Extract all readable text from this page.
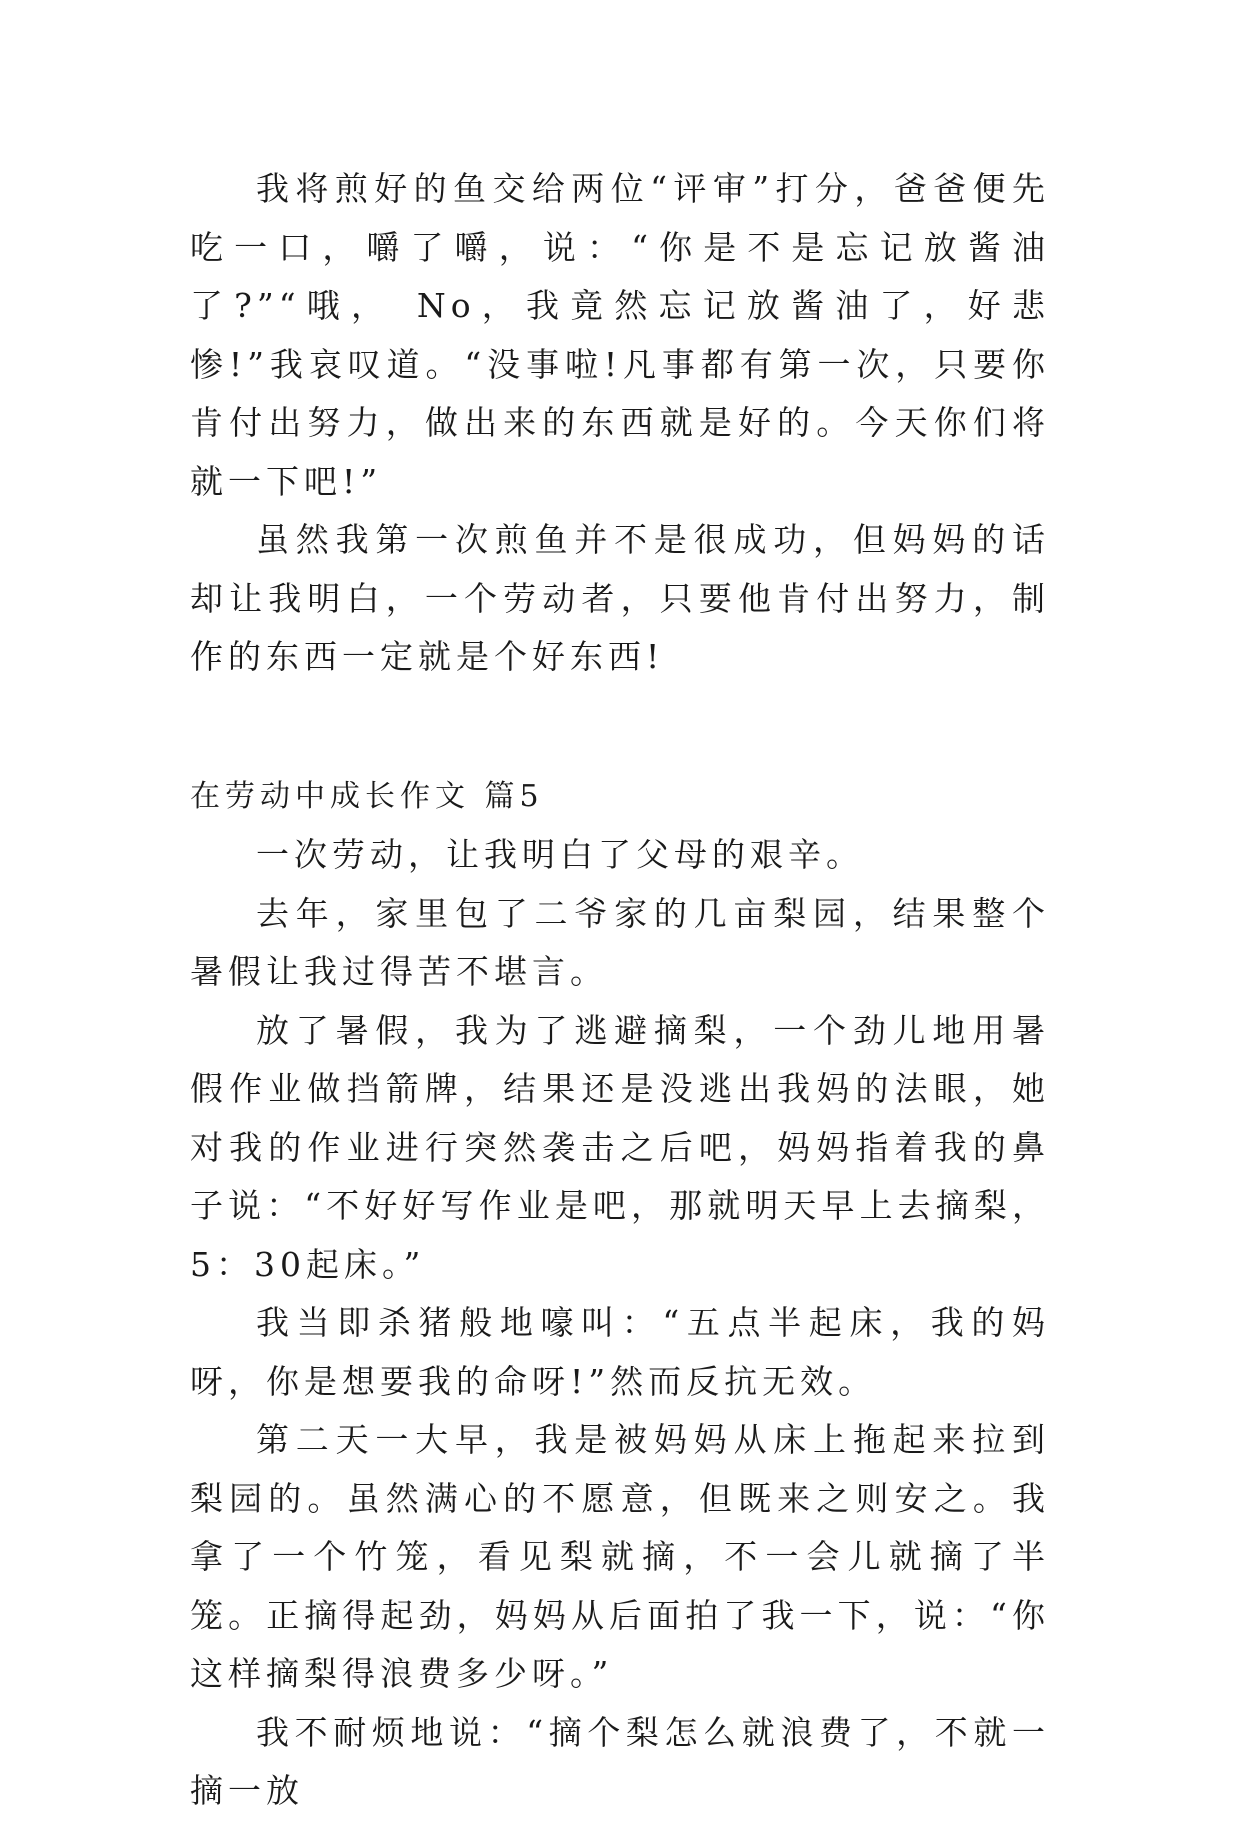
我将煎好的鱼交给两位“评审”打分，爸爸便先吃一口，嚼了嚼，说：“你是不是忘记放酱油了?”“哦， No，我竟然忘记放酱油了，好悲惨!”我哀叹道。“没事啦!凡事都有第一次，只要你肯付出努力，做出来的东西就是好的。今天你们将就一下吧!”

虽然我第一次煎鱼并不是很成功，但妈妈的话却让我明白，一个劳动者，只要他肯付出努力，制作的东西一定就是个好东西!

在劳动中成长作文 篇5

一次劳动，让我明白了父母的艰辛。

去年，家里包了二爷家的几亩梨园，结果整个暑假让我过得苦不堪言。

放了暑假，我为了逃避摘梨，一个劲儿地用暑假作业做挡箭牌，结果还是没逃出我妈的法眼，她对我的作业进行突然袭击之后吧，妈妈指着我的鼻子说：“不好好写作业是吧，那就明天早上去摘梨，5：30起床。”

我当即杀猪般地嚎叫：“五点半起床，我的妈呀，你是想要我的命呀!”然而反抗无效。

第二天一大早，我是被妈妈从床上拖起来拉到梨园的。虽然满心的不愿意，但既来之则安之。我拿了一个竹笼，看见梨就摘，不一会儿就摘了半笼。正摘得起劲，妈妈从后面拍了我一下，说：“你这样摘梨得浪费多少呀。”

我不耐烦地说：“摘个梨怎么就浪费了，不就一摘一放
